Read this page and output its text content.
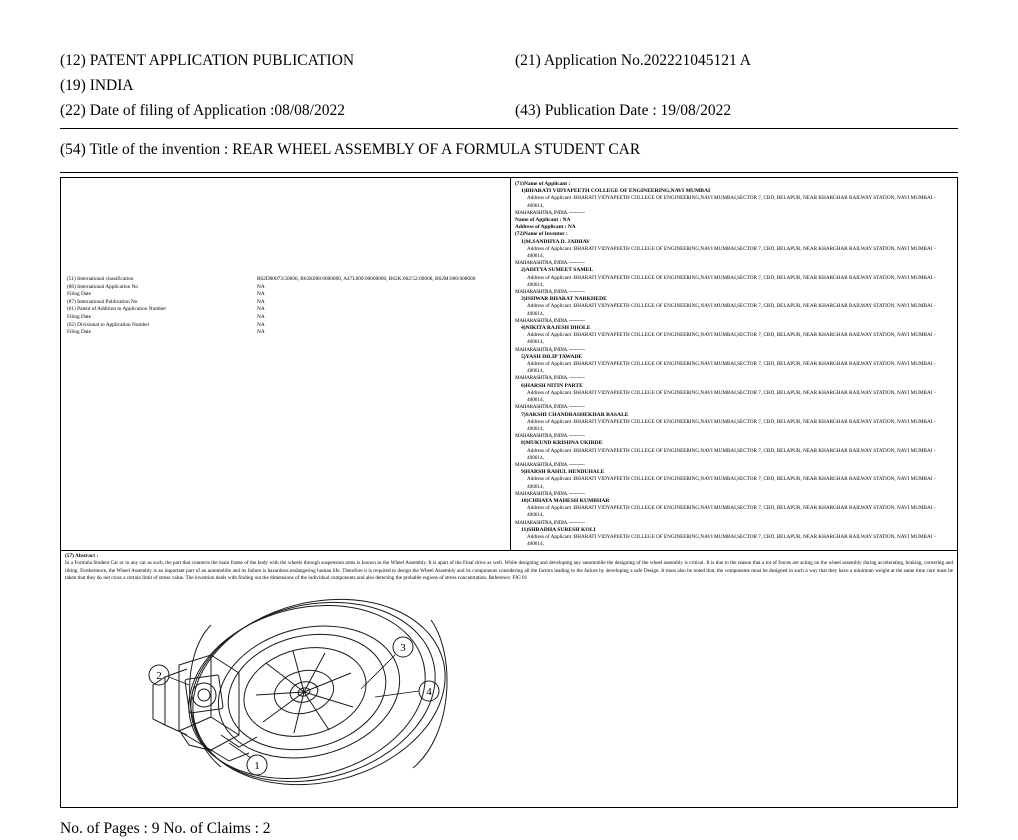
(12) PATENT APPLICATION PUBLICATION	(21) Application No.202221045121 A
(19) INDIA
(22) Date of filing of Application :08/08/2022	(43) Publication Date : 19/08/2022
(54) Title of the invention : REAR WHEEL ASSEMBLY OF A FORMULA STUDENT CAR
(51) International classification	B62D00073:50000, B62K008:0000000, A47L000:00000000, B62K:002:52:00000, B62M:000:000000
(86) International Application No	NA
Filing Date	NA
(87) International Publication No	NA
(61) Patent of Addition to Application Number	NA
Filing Date	NA
(62) Divisional to Application Number	NA
Filing Date	NA
(71)Name of Applicant :
1)BHARATI VIDYAPEETH COLLEGE OF ENGINEERING,NAVI MUMBAI
Address of Applicant :BHARATI VIDYAPEETH COLLEGE OF ENGINEERING,NAVI MUMBAI,SECTOR 7, CBD, BELAPUR, NEAR KHARGHAR RAILWAY STATION, NAVI MUMBAI - 400614,
MAHARASHTRA, INDIA. -----------
Name of Applicant : NA
Address of Applicant : NA
(72)Name of Inventor :
1)M.SANDHYA D. JADHAV
Address of Applicant :BHARATI VIDYAPEETH COLLEGE OF ENGINEERING,NAVI MUMBAI,SECTOR 7, CBD, BELAPUR, NEAR KHARGHAR RAILWAY STATION, NAVI MUMBAI - 400614,
MAHARASHTRA, INDIA. -----------
2)ADITYA SUMEET SAMEL
Address of Applicant :BHARATI VIDYAPEETH COLLEGE OF ENGINEERING,NAVI MUMBAI,SECTOR 7, CBD, BELAPUR, NEAR KHARGHAR RAILWAY STATION, NAVI MUMBAI - 400614,
MAHARASHTRA, INDIA. -----------
3)ISHWAR BHARAT NARKHEDE
Address of Applicant :BHARATI VIDYAPEETH COLLEGE OF ENGINEERING,NAVI MUMBAI,SECTOR 7, CBD, BELAPUR, NEAR KHARGHAR RAILWAY STATION, NAVI MUMBAI - 400614,
MAHARASHTRA, INDIA. -----------
4)NIKITA RAJESH DHOLE
Address of Applicant :BHARATI VIDYAPEETH COLLEGE OF ENGINEERING,NAVI MUMBAI,SECTOR 7, CBD, BELAPUR, NEAR KHARGHAR RAILWAY STATION, NAVI MUMBAI - 400614,
MAHARASHTRA, INDIA. -----------
5)YASH DILIP TAWADE
Address of Applicant :BHARATI VIDYAPEETH COLLEGE OF ENGINEERING,NAVI MUMBAI,SECTOR 7, CBD, BELAPUR, NEAR KHARGHAR RAILWAY STATION, NAVI MUMBAI - 400614,
MAHARASHTRA, INDIA. -----------
6)HARSH NITIN PARTE
Address of Applicant :BHARATI VIDYAPEETH COLLEGE OF ENGINEERING,NAVI MUMBAI,SECTOR 7, CBD, BELAPUR, NEAR KHARGHAR RAILWAY STATION, NAVI MUMBAI - 400614,
MAHARASHTRA, INDIA. -----------
7)SAKSHI CHANDRASHEKHAR BASALE
Address of Applicant :BHARATI VIDYAPEETH COLLEGE OF ENGINEERING,NAVI MUMBAI,SECTOR 7, CBD, BELAPUR, NEAR KHARGHAR RAILWAY STATION, NAVI MUMBAI - 400614,
MAHARASHTRA, INDIA. -----------
8)MUKUND KRISHNA UKIRDE
Address of Applicant :BHARATI VIDYAPEETH COLLEGE OF ENGINEERING,NAVI MUMBAI,SECTOR 7, CBD, BELAPUR, NEAR KHARGHAR RAILWAY STATION, NAVI MUMBAI - 400614,
MAHARASHTRA, INDIA. -----------
9)HARSH RAHUL HENDUHALE
Address of Applicant :BHARATI VIDYAPEETH COLLEGE OF ENGINEERING,NAVI MUMBAI,SECTOR 7, CBD, BELAPUR, NEAR KHARGHAR RAILWAY STATION, NAVI MUMBAI - 400614,
MAHARASHTRA, INDIA. -----------
10)CHHAYA MAHESH KUMBHAR
Address of Applicant :BHARATI VIDYAPEETH COLLEGE OF ENGINEERING,NAVI MUMBAI,SECTOR 7, CBD, BELAPUR, NEAR KHARGHAR RAILWAY STATION, NAVI MUMBAI - 400614,
MAHARASHTRA, INDIA. -----------
11)SHRADHA SURESH KOLI
Address of Applicant :BHARATI VIDYAPEETH COLLEGE OF ENGINEERING,NAVI MUMBAI,SECTOR 7, CBD, BELAPUR, NEAR KHARGHAR RAILWAY STATION, NAVI MUMBAI - 400614,
(57) Abstract :
In a Formula Student Car or in any car as such, the part that connects the main frame of the body with the wheels through suspension arms is known as the Wheel Assembly. It is apart of the Final drive as well. While designing and developing any automobile the designing of the wheel assembly is critical. It is due to the reason that a lot of forces are acting on the wheel assembly during accelerating, braking, cornering and tilting. Furthermore, the Wheel Assembly is an important part of an automobile and its failure is hazardous endangering human life. Therefore it is required to design the Wheel Assembly and its components considering all the factors leading to the failure by developing a safe Design. It must also be noted that, the components must be designed in such a way that they have a minimum weight at the same time care must be taken that they do not cross a certain limit of stress value. The invention deals with finding out the dimensions of the individual components and also detecting the probable regions of stress concentration. Reference: FIG 01
3
4
2
1
No. of Pages : 9 No. of Claims : 2
